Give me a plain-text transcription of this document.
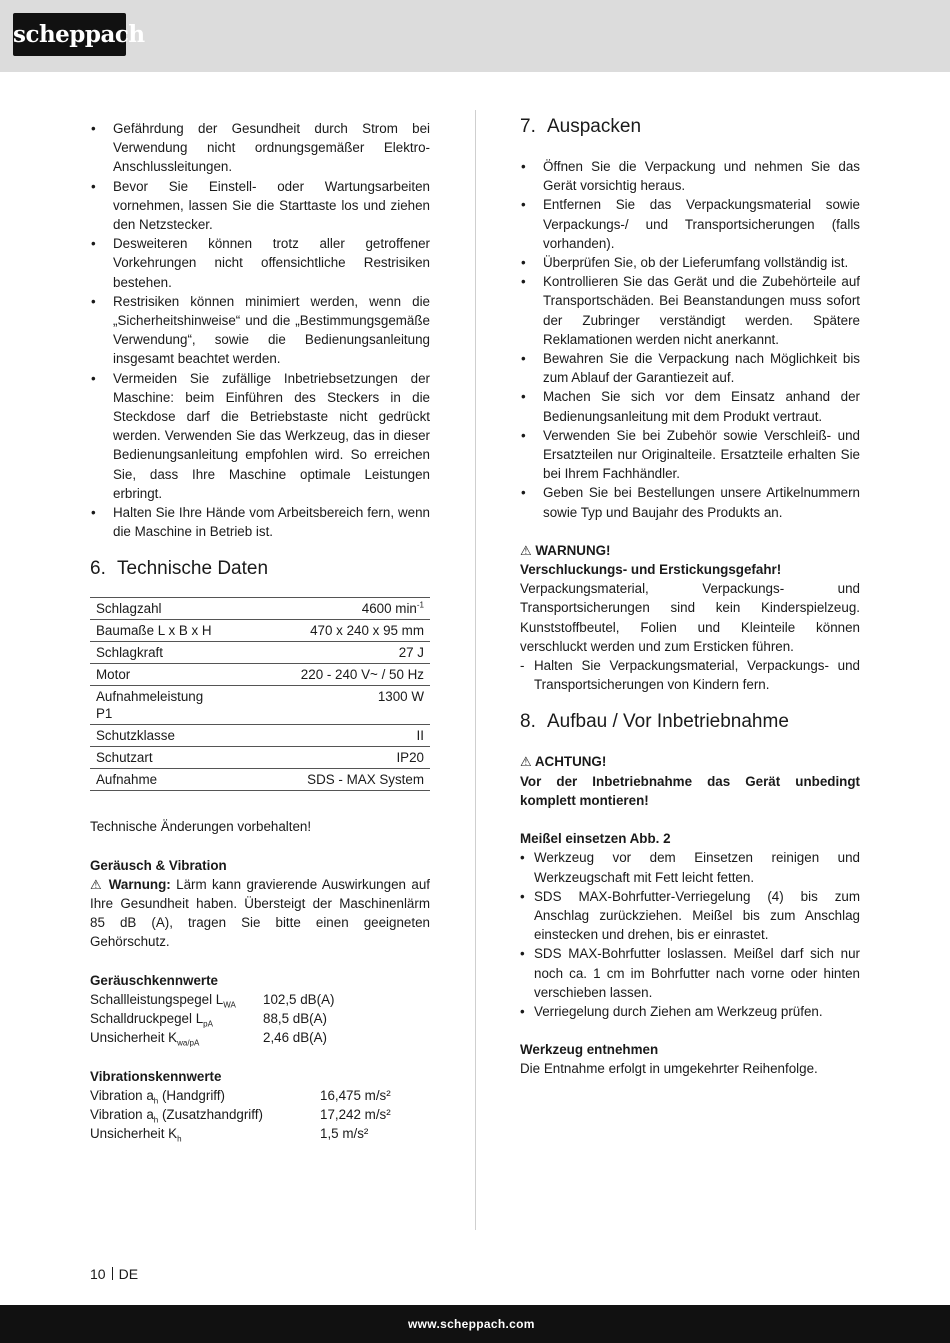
scheppach
• Gefährdung der Gesundheit durch Strom bei Verwendung nicht ordnungsgemäßer Elektro-Anschlussleitungen.
• Bevor Sie Einstell- oder Wartungsarbeiten vornehmen, lassen Sie die Starttaste los und ziehen den Netzstecker.
• Desweiteren können trotz aller getroffener Vorkehrungen nicht offensichtliche Restrisiken bestehen.
• Restrisiken können minimiert werden, wenn die „Sicherheitshinweise“ und die „Bestimmungsgemäße Verwendung“, sowie die Bedienungsanleitung insgesamt beachtet werden.
• Vermeiden Sie zufällige Inbetriebsetzungen der Maschine: beim Einführen des Steckers in die Steckdose darf die Betriebstaste nicht gedrückt werden. Verwenden Sie das Werkzeug, das in dieser Bedienungsanleitung empfohlen wird. So erreichen Sie, dass Ihre Maschine optimale Leistungen erbringt.
• Halten Sie Ihre Hände vom Arbeitsbereich fern, wenn die Maschine in Betrieb ist.
6. Technische Daten
Schlagzahl	4600 $\min^{-1}$
Baumaße L x B x H	470 x 240 x 95 mm
Schlagkraft	27 J
Motor	220 - 240 V~ / 50 Hz
Aufnahmeleistung P1	1300 W
Schutzklasse	II
Schutzart	IP20
Aufnahme	SDS - MAX System

Technische Änderungen vorbehalten!

Geräusch & Vibration

⚠ Warnung: Lärm kann gravierende Auswirkungen auf Ihre Gesundheit haben. Übersteigt der Maschinenlärm 85 dB (A), tragen Sie bitte einen geeigneten Gehörschutz.

Geräuschkennwerte

Schallleistungspegel $L_{WA}$	102,5 dB(A)
Schalldruckpegel $L_{pA}$	88,5 dB(A)
Unsicherheit $K_{wa/pA}$	2,46 dB(A)

Vibrationskennwerte

Vibration $a_h$ (Handgriff)	16,475 m/s²
Vibration $a_h$ (Zusatzhandgriff)	17,242 m/s²
Unsicherheit $K_h$	1,5 m/s²
7. Auspacken
• Öffnen Sie die Verpackung und nehmen Sie das Gerät vorsichtig heraus.
• Entfernen Sie das Verpackungsmaterial sowie Verpackungs-/ und Transportsicherungen (falls vorhanden).
• Überprüfen Sie, ob der Lieferumfang vollständig ist.
• Kontrollieren Sie das Gerät und die Zubehörteile auf Transportschäden. Bei Beanstandungen muss sofort der Zubringer verständigt werden. Spätere Reklamationen werden nicht anerkannt.
• Bewahren Sie die Verpackung nach Möglichkeit bis zum Ablauf der Garantiezeit auf.
• Machen Sie sich vor dem Einsatz anhand der Bedienungsanleitung mit dem Produkt vertraut.
• Verwenden Sie bei Zubehör sowie Verschleiß- und Ersatzteilen nur Originalteile. Ersatzteile erhalten Sie bei Ihrem Fachhändler.
• Geben Sie bei Bestellungen unsere Artikelnummern sowie Typ und Baujahr des Produkts an.

⚠ WARNUNG!

Verschluckungs- und Erstickungsgefahr!

Verpackungsmaterial, Verpackungs- und Transportsicherungen sind kein Kinderspielzeug. Kunststoffbeutel, Folien und Kleinteile können verschluckt werden und zum Ersticken führen.

- Halten Sie Verpackungsmaterial, Verpackungs- und Transportsicherungen von Kindern fern.
8. Aufbau / Vor Inbetriebnahme

⚠ ACHTUNG!

Vor der Inbetriebnahme das Gerät unbedingt komplett montieren!

Meißel einsetzen Abb. 2

• Werkzeug vor dem Einsetzen reinigen und Werkzeugschaft mit Fett leicht fetten.
• SDS MAX-Bohrfutter-Verriegelung (4) bis zum Anschlag zurückziehen. Meißel bis zum Anschlag einstecken und drehen, bis er einrastet.
• SDS MAX-Bohrfutter loslassen. Meißel darf sich nur noch ca. 1 cm im Bohrfutter nach vorne oder hinten verschieben lassen.
• Verriegelung durch Ziehen am Werkzeug prüfen.

Werkzeug entnehmen

Die Entnahme erfolgt in umgekehrter Reihenfolge.

10 DE
www.scheppach.com
